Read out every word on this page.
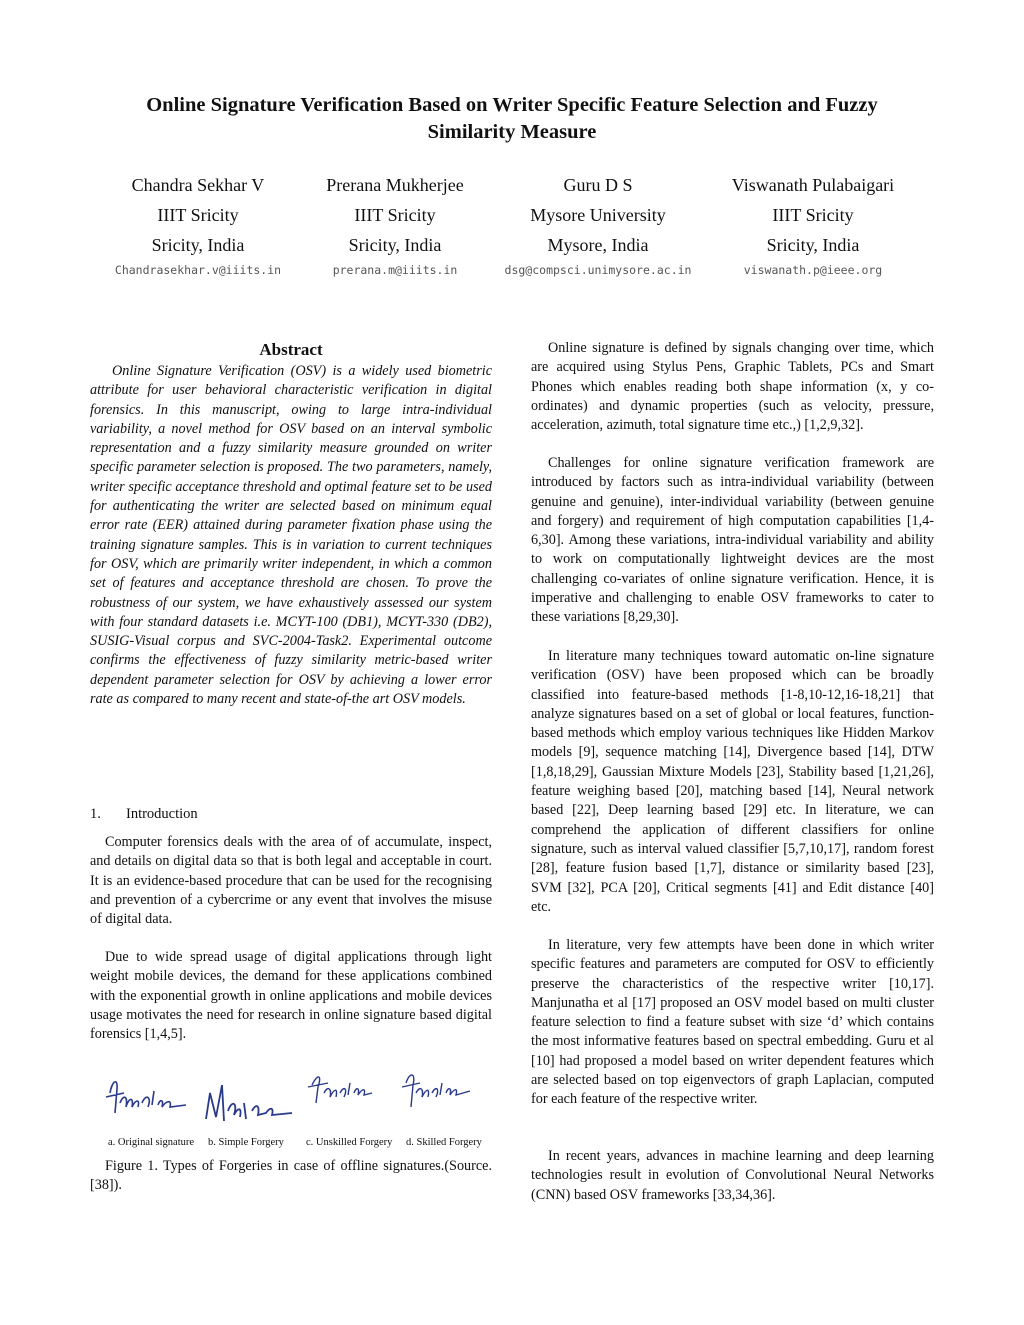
Online Signature Verification Based on Writer Specific Feature Selection and Fuzzy
Similarity Measure
Chandra Sekhar V
IIIT Sricity
Sricity, India
Chandrasekhar.v@iiits.in
Prerana Mukherjee
IIIT Sricity
Sricity, India
prerana.m@iiits.in
Guru D S
Mysore University
Mysore, India
dsg@compsci.unimysore.ac.in
Viswanath Pulabaigari
IIIT Sricity
Sricity, India
viswanath.p@ieee.org
Abstract

Online Signature Verification (OSV) is a widely used biometric attribute for user behavioral characteristic verification in digital forensics. In this manuscript, owing to large intra-individual variability, a novel method for OSV based on an interval symbolic representation and a fuzzy similarity measure grounded on writer specific parameter selection is proposed. The two parameters, namely, writer specific acceptance threshold and optimal feature set to be used for authenticating the writer are selected based on minimum equal error rate (EER) attained during parameter fixation phase using the training signature samples. This is in variation to current techniques for OSV, which are primarily writer independent, in which a common set of features and acceptance threshold are chosen. To prove the robustness of our system, we have exhaustively assessed our system with four standard datasets i.e. MCYT-100 (DB1), MCYT-330 (DB2), SUSIG-Visual corpus and SVC-2004-Task2. Experimental outcome confirms the effectiveness of fuzzy similarity metric-based writer dependent parameter selection for OSV by achieving a lower error rate as compared to many recent and state-of-the art OSV models.

1. Introduction

Computer forensics deals with the area of of accumulate, inspect, and details on digital data so that is both legal and acceptable in court. It is an evidence-based procedure that can be used for the recognising and prevention of a cybercrime or any event that involves the misuse of digital data.

Due to wide spread usage of digital applications through light weight mobile devices, the demand for these applications combined with the exponential growth in online applications and mobile devices usage motivates the need for research in online signature based digital forensics [1,4,5].

a. Original signature	b. Simple Forgery	c. Unskilled Forgery	d. Skilled Forgery

Figure 1. Types of Forgeries in case of offline signatures.(Source.[38]).

Online signature is defined by signals changing over time, which are acquired using Stylus Pens, Graphic Tablets, PCs and Smart Phones which enables reading both shape information (x, y co-ordinates) and dynamic properties (such as velocity, pressure, acceleration, azimuth, total signature time etc.,) [1,2,9,32].

Challenges for online signature verification framework are introduced by factors such as intra-individual variability (between genuine and genuine), inter-individual variability (between genuine and forgery) and requirement of high computation capabilities [1,4-6,30]. Among these variations, intra-individual variability and ability to work on computationally lightweight devices are the most challenging co-variates of online signature verification. Hence, it is imperative and challenging to enable OSV frameworks to cater to these variations [8,29,30].

In literature many techniques toward automatic on-line signature verification (OSV) have been proposed which can be broadly classified into feature-based methods [1-8,10-12,16-18,21] that analyze signatures based on a set of global or local features, function-based methods which employ various techniques like Hidden Markov models [9], sequence matching [14], Divergence based [14], DTW [1,8,18,29], Gaussian Mixture Models [23], Stability based [1,21,26], feature weighing based [20], matching based [14], Neural network based [22], Deep learning based [29] etc. In literature, we can comprehend the application of different classifiers for online signature, such as interval valued classifier [5,7,10,17], random forest [28], feature fusion based [1,7], distance or similarity based [23], SVM [32], PCA [20], Critical segments [41] and Edit distance [40] etc.

In literature, very few attempts have been done in which writer specific features and parameters are computed for OSV to efficiently preserve the characteristics of the respective writer [10,17]. Manjunatha et al [17] proposed an OSV model based on multi cluster feature selection to find a feature subset with size ‘d’ which contains the most informative features based on spectral embedding. Guru et al [10] had proposed a model based on writer dependent features which are selected based on top eigenvectors of graph Laplacian, computed for each feature of the respective writer.

In recent years, advances in machine learning and deep learning technologies result in evolution of Convolutional Neural Networks (CNN) based OSV frameworks [33,34,36].
